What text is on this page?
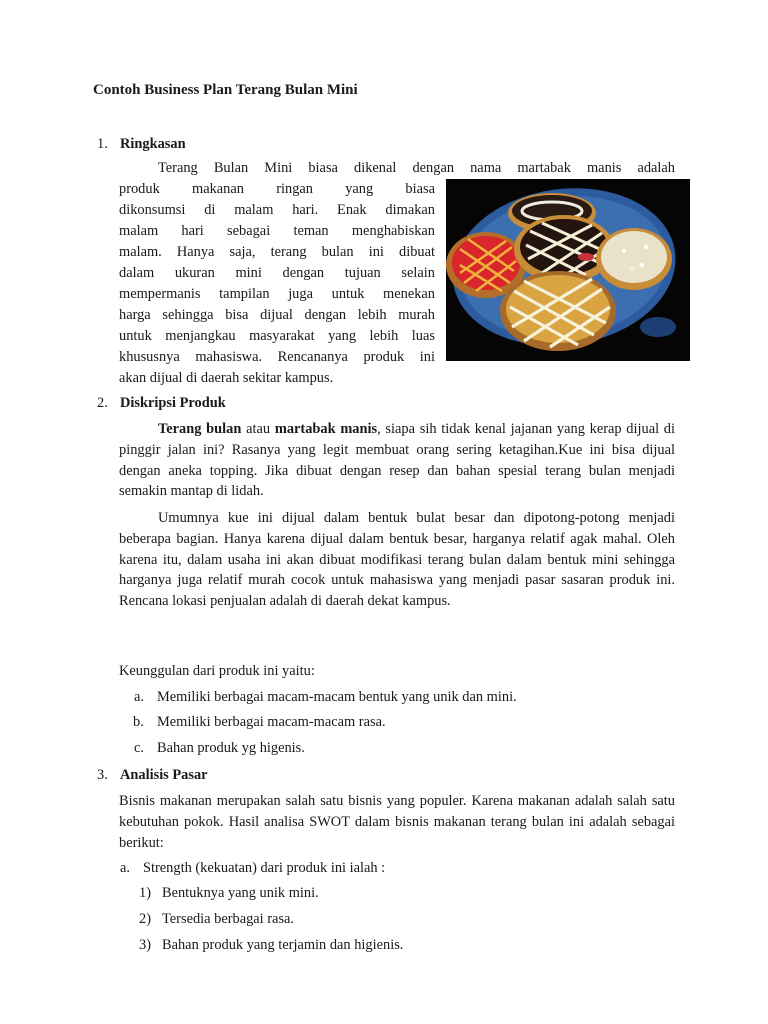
Contoh Business Plan Terang Bulan Mini
1. Ringkasan
Terang Bulan Mini biasa dikenal dengan nama martabak manis adalah
produk makanan ringan yang biasa
dikonsumsi di malam hari. Enak dimakan
malam hari sebagai teman menghabiskan
malam. Hanya saja, terang bulan ini dibuat
dalam ukuran mini dengan tujuan selain
mempermanis tampilan juga untuk menekan
harga sehingga bisa dijual dengan lebih murah
untuk menjangkau masyarakat yang lebih luas
khususnya mahasiswa. Rencananya produk ini
akan dijual di daerah sekitar kampus.
2. Diskripsi Produk

Terang bulan atau martabak manis, siapa sih tidak kenal jajanan yang kerap dijual di pinggir jalan ini? Rasanya yang legit membuat orang sering ketagihan.Kue ini bisa dijual dengan aneka topping. Jika dibuat dengan resep dan bahan spesial terang bulan menjadi semakin mantap di lidah.

Umumnya kue ini dijual dalam bentuk bulat besar dan dipotong-potong menjadi beberapa bagian. Hanya karena dijual dalam bentuk besar, harganya relatif agak mahal. Oleh karena itu, dalam usaha ini akan dibuat modifikasi terang bulan dalam bentuk mini sehingga harganya juga relatif murah cocok untuk mahasiswa yang menjadi pasar sasaran produk ini. Rencana lokasi penjualan adalah di daerah dekat kampus.

Keunggulan dari produk ini yaitu:
a. Memiliki berbagai macam-macam bentuk yang unik dan mini.
b. Memiliki berbagai macam-macam rasa.
c. Bahan produk yg higenis.
3. Analisis Pasar

Bisnis makanan merupakan salah satu bisnis yang populer. Karena makanan adalah salah satu kebutuhan pokok. Hasil analisa SWOT dalam bisnis makanan terang bulan ini adalah sebagai berikut:

a. Strength (kekuatan) dari produk ini ialah :
1) Bentuknya yang unik mini.
2) Tersedia berbagai rasa.
3) Bahan produk yang terjamin dan higienis.
